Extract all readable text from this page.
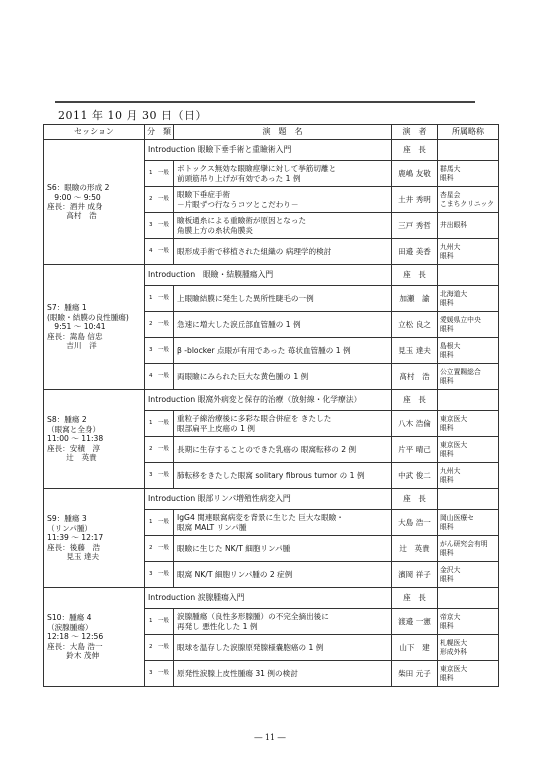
2011 年 10 月 30 日（日）
セッション	分　類	演　題　名	演　者	所属略称
S6：眼瞼の形成 2
9:00 ～ 9:50
座長：酒井 成身
高村　浩	Introduction 眼瞼下垂手術と重瞼術入門		座　長	
	1　一般	ボトックス無効な眼瞼痙攣に対して挙筋切離と
前頭筋吊り上げが有効であった 1 例	鹿嶋 友敬	群馬大
眼科
	2　一般	眼瞼下垂症手術
－片眼ずつ行なうコツとこだわり－	土井 秀明	杏星会
こまちクリニック
	3　一般	瞼板通糸による重瞼術が原因となった
角膜上方の糸状角膜炎	三戸 秀哲	井出眼科
	4　一般	眼形成手術で移植された組織の 病理学的検討	田邉 美香	九州大
眼科
S7：腫瘍 1
(眼瞼・結膜の良性腫瘍)
9:51 ～ 10:41
座長：嵩島 信忠
吉川　洋	Introduction　眼瞼・結膜腫瘍入門		座　長	
	1　一般	上眼瞼結膜に発生した異所性睫毛の一例	加瀬　諭	北海道大
眼科
	2　一般	急速に増大した涙丘部血管腫の 1 例	立松 良之	愛媛県立中央
眼科
	3　一般	β -blocker 点眼が有用であった 苺状血管腫の 1 例	見玉 達夫	島根大
眼科
	4　一般	両眼瞼にみられた巨大な黄色腫の 1 例	髙村　浩	公立置賜総合
眼科
S8：腫瘍 2
（眼窩と全身）
11:00 ～ 11:38
座長：安積　淳
辻　英貴	Introduction 眼窩外病変と保存的治療（放射線・化学療法）		座　長	
	1　一般	重粒子線治療後に多彩な眼合併症を きたした
眼部扁平上皮癌の 1 例	八木 浩倫	東京医大
眼科
	2　一般	長期に生存することのできた乳癌の 眼窩転移の 2 例	片平 晴己	東京医大
眼科
	3　一般	肺転移をきたした眼窩 solitary fibrous tumor の 1 例	中武 俊二	九州大
眼科
S9：腫瘍 3
（リンパ腫）
11:39 ～ 12:17
座長：後藤　浩
見玉 達夫	Introduction 眼部リンパ増殖性病変入門		座　長	
	1　一般	IgG4 関連眼窩病変を背景に生じた 巨大な眼瞼・
眼窩 MALT リンパ腫	大島 浩一	岡山医療セ
眼科
	2　一般	眼瞼に生じた NK/T 細胞リンパ腫	辻　英貴	がん研究会有明
眼科
	3　一般	眼窩 NK/T 細胞リンパ腫の 2 症例	濱岡 祥子	金沢大
眼科
S10：腫瘍 4
（涙腺腫瘍）
12:18 ～ 12:56
座長：大島 浩一
鈴木 茂伸	Introduction 涙腺腫瘍入門		座　長	
	1　一般	涙腺腫瘍（良性多形腺腫）の不完全摘出後に
再発し 悪性化した 1 例	渡邉 一憲	帝京大
眼科
	2　一般	眼球を温存した涙腺原発腺様嚢胞癌の 1 例	山下　建	札幌医大
形成外科
	3　一般	原発性涙腺上皮性腫瘍 31 例の検討	柴田 元子	東京医大
眼科
― 11 ―
